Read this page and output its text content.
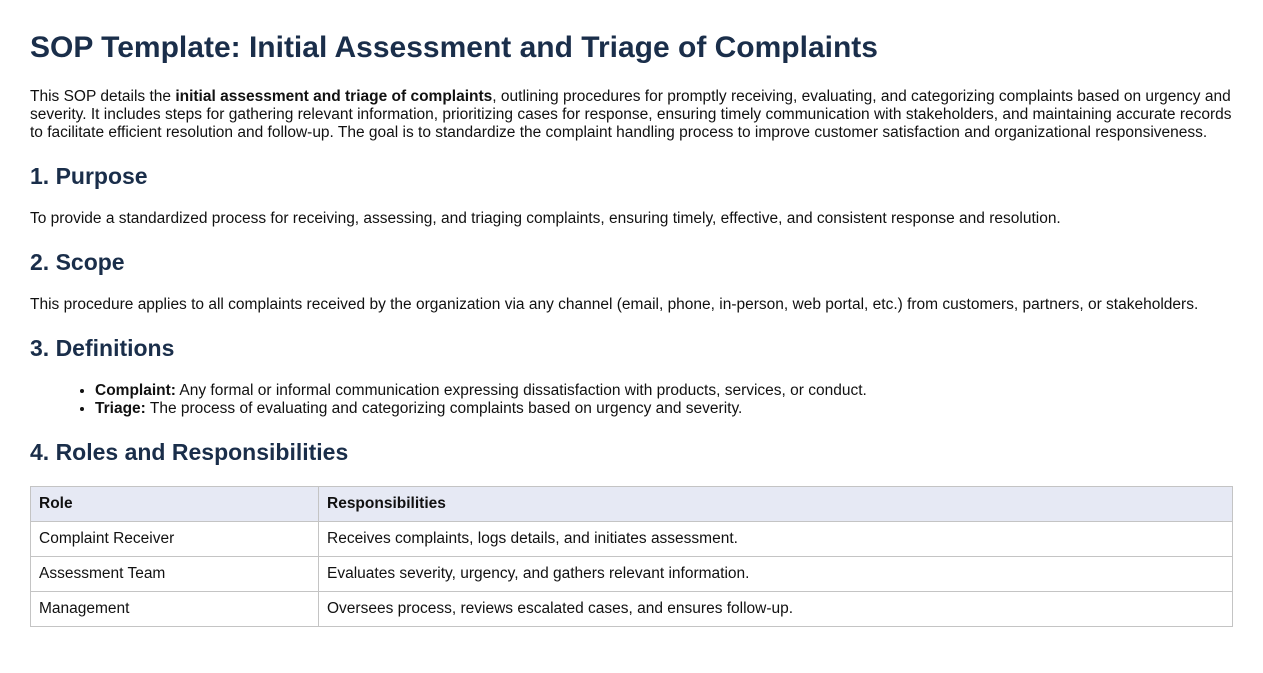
SOP Template: Initial Assessment and Triage of Complaints

This SOP details the initial assessment and triage of complaints, outlining procedures for promptly receiving, evaluating, and categorizing complaints based on urgency and severity. It includes steps for gathering relevant information, prioritizing cases for response, ensuring timely communication with stakeholders, and maintaining accurate records to facilitate efficient resolution and follow-up. The goal is to standardize the complaint handling process to improve customer satisfaction and organizational responsiveness.

1. Purpose

To provide a standardized process for receiving, assessing, and triaging complaints, ensuring timely, effective, and consistent response and resolution.

2. Scope

This procedure applies to all complaints received by the organization via any channel (email, phone, in-person, web portal, etc.) from customers, partners, or stakeholders.

3. Definitions
• Complaint: Any formal or informal communication expressing dissatisfaction with products, services, or conduct.
• Triage: The process of evaluating and categorizing complaints based on urgency and severity.
4. Roles and Responsibilities
Role	Responsibilities
Complaint Receiver	Receives complaints, logs details, and initiates assessment.
Assessment Team	Evaluates severity, urgency, and gathers relevant information.
Management	Oversees process, reviews escalated cases, and ensures follow-up.
